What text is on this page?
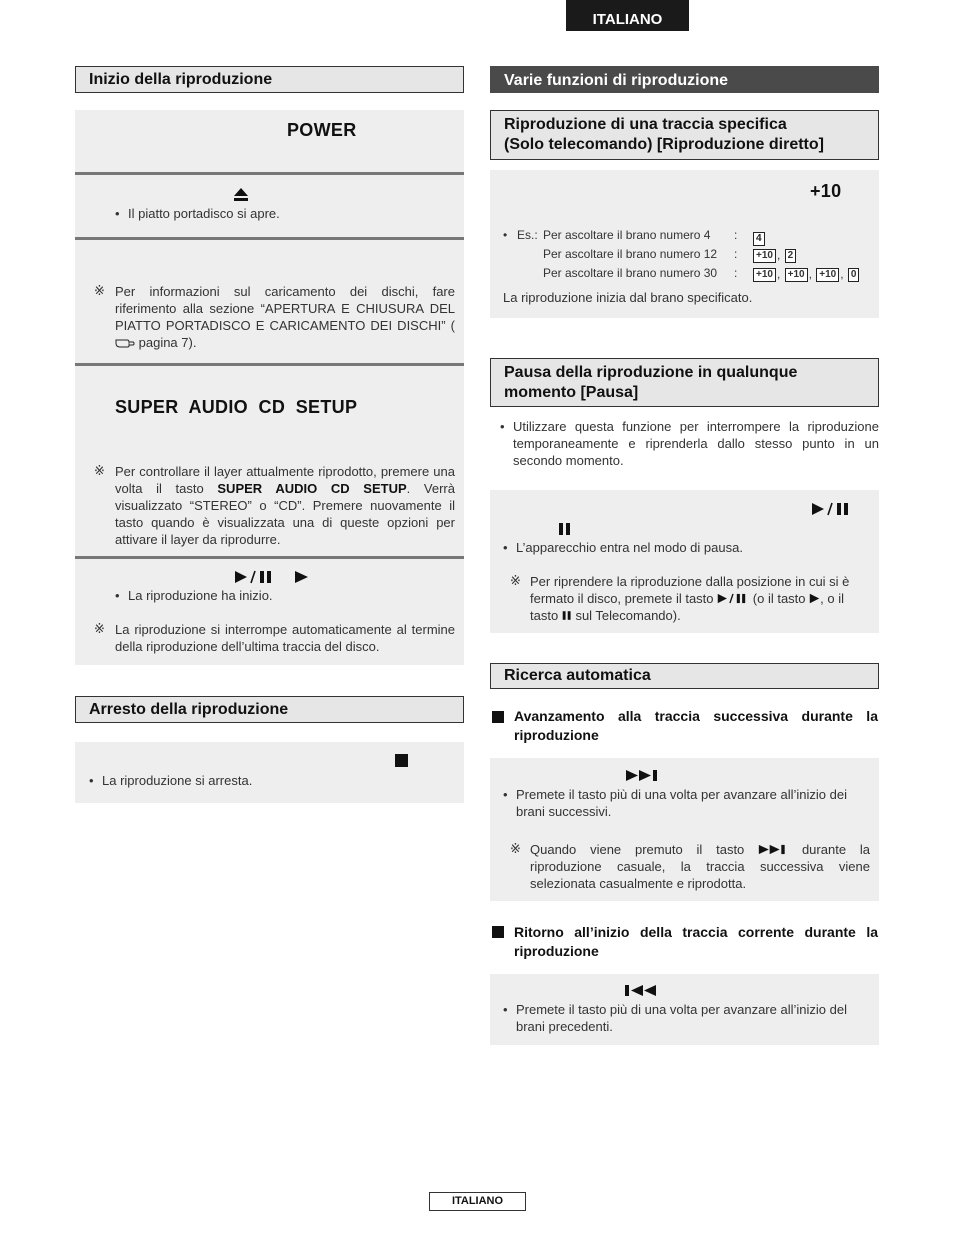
ITALIANO
Inizio della riproduzione
POWER
• Il piatto portadisco si apre.
※ Per informazioni sul caricamento dei dischi, fare riferimento alla sezione “APERTURA E CHIUSURA DEL PIATTO PORTADISCO E CARICAMENTO DEI DISCHI” ( pagina 7).
SUPER  AUDIO  CD  SETUP
※ Per controllare il layer attualmente riprodotto, premere una volta il tasto SUPER AUDIO CD SETUP. Verrà visualizzato “STEREO” o “CD”. Premere nuovamente il tasto quando è visualizzata una di queste opzioni per attivare il layer da riprodurre.
• La riproduzione ha inizio.
※ La riproduzione si interrompe automaticamente al termine della riproduzione dell’ultima traccia del disco.
Arresto della riproduzione
• La riproduzione si arresta.
Varie funzioni di riproduzione
Riproduzione di una traccia specifica
(Solo telecomando) [Riproduzione diretto]
+10
• Es.: Per ascoltare il brano numero 4 :	4
Per ascoltare il brano numero 12 :	+10 , 2
Per ascoltare il brano numero 30 :	+10 , +10 , +10 , 0
La riproduzione inizia dal brano specificato.
Pausa della riproduzione in qualunque
momento [Pausa]
• Utilizzare questa funzione per interrompere la riproduzione temporaneamente e riprenderla dallo stesso punto in un secondo momento.
• L’apparecchio entra nel modo di pausa.
※ Per riprendere la riproduzione dalla posizione in cui si è fermato il disco, premete il tasto	(o il tasto , o il tasto sul Telecomando).
Ricerca automatica
Avanzamento alla traccia successiva durante la riproduzione
• Premete il tasto più di una volta per avanzare all’inizio dei brani successivi.
※ Quando viene premuto il tasto	durante la riproduzione casuale, la traccia successiva viene selezionata casualmente e riprodotta.
Ritorno all’inizio della traccia corrente durante la riproduzione
• Premete il tasto più di una volta per avanzare all’inizio del brani precedenti.
ITALIANO
